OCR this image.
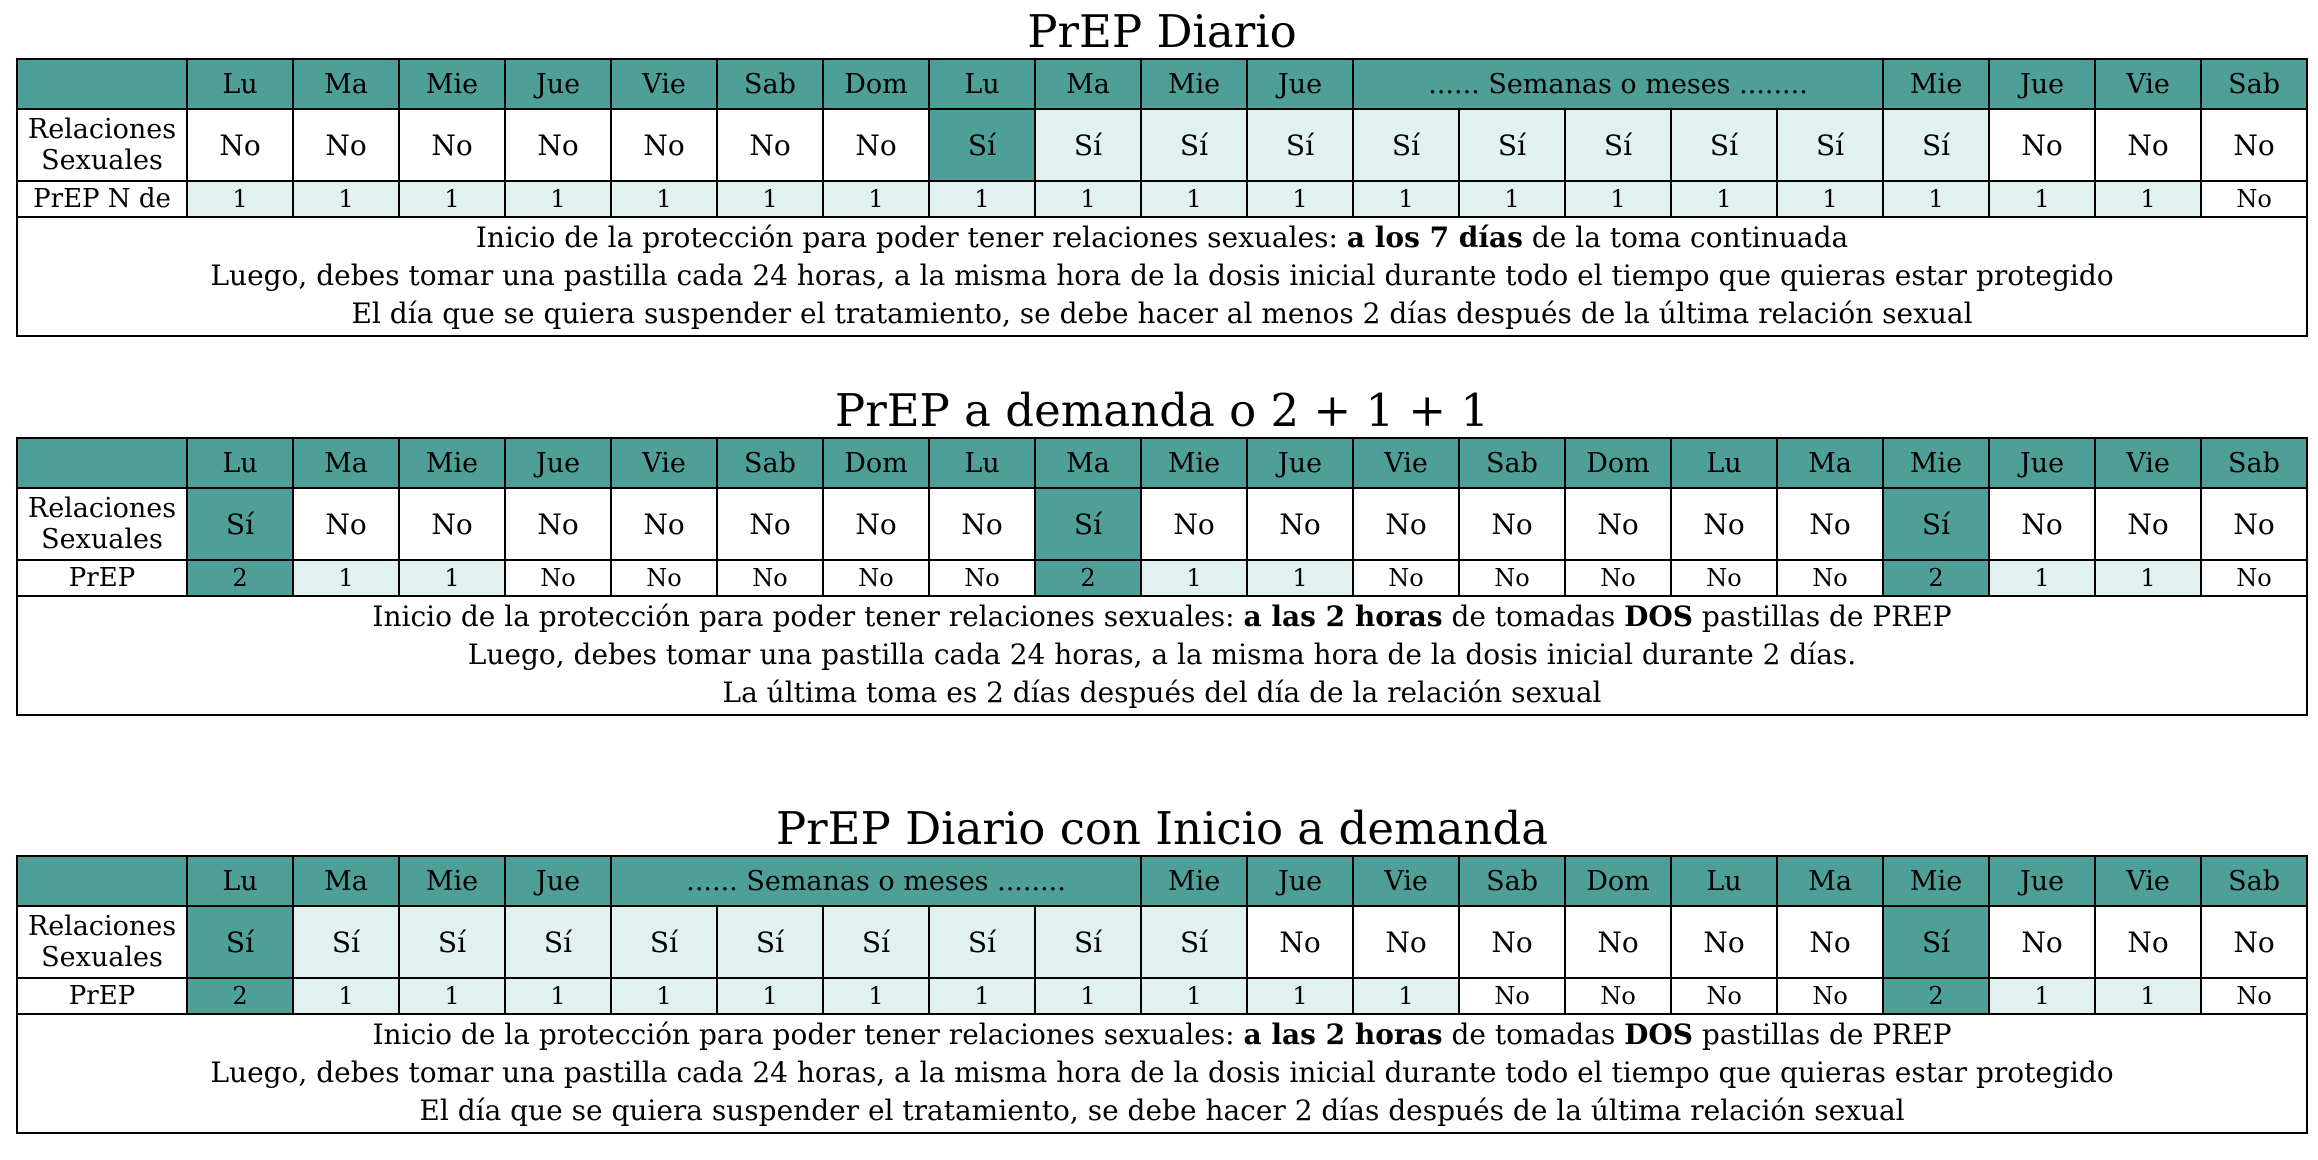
PrEP Diario
	Lu	Ma	Mie	Jue	Vie	Sab	Dom	Lu	Ma	Mie	Jue	...... Semanas o meses ........					Mie	Jue	Vie	Sab
Relaciones Sexuales	No	No	No	No	No	No	No	Sí	Sí	Sí	Sí	Sí	Sí	Sí	Sí	Sí	Sí	No	No	No
PrEP N de	1	1	1	1	1	1	1	1	1	1	1	1	1	1	1	1	1	1	1	No

Inicio de la protección para poder tener relaciones sexuales: a los 7 días de la toma continuada
Luego, debes tomar una pastilla cada 24 horas, a la misma hora de la dosis inicial durante todo el tiempo que quieras estar protegido
El día que se quiera suspender el tratamiento, se debe hacer al menos 2 días después de la última relación sexual																				
PrEP a demanda o 2 + 1 + 1
	Lu	Ma	Mie	Jue	Vie	Sab	Dom	Lu	Ma	Mie	Jue	Vie	Sab	Dom	Lu	Ma	Mie	Jue	Vie	Sab
Relaciones Sexuales	Sí	No	No	No	No	No	No	No	Sí	No	No	No	No	No	No	No	Sí	No	No	No
PrEP	2	1	1	No	No	No	No	No	2	1	1	No	No	No	No	No	2	1	1	No

Inicio de la protección para poder tener relaciones sexuales: a las 2 horas de tomadas DOS pastillas de PREP
Luego, debes tomar una pastilla cada 24 horas, a la misma hora de la dosis inicial durante 2 días.
La última toma es 2 días después del día de la relación sexual																				
PrEP Diario con Inicio a demanda
	Lu	Ma	Mie	Jue	...... Semanas o meses ........					Mie	Jue	Vie	Sab	Dom	Lu	Ma	Mie	Jue	Vie	Sab
Relaciones Sexuales	Sí	Sí	Sí	Sí	Sí	Sí	Sí	Sí	Sí	Sí	No	No	No	No	No	No	Sí	No	No	No
PrEP	2	1	1	1	1	1	1	1	1	1	1	1	No	No	No	No	2	1	1	No

Inicio de la protección para poder tener relaciones sexuales: a las 2 horas de tomadas DOS pastillas de PREP
Luego, debes tomar una pastilla cada 24 horas, a la misma hora de la dosis inicial durante todo el tiempo que quieras estar protegido
El día que se quiera suspender el tratamiento, se debe hacer 2 días después de la última relación sexual																				
